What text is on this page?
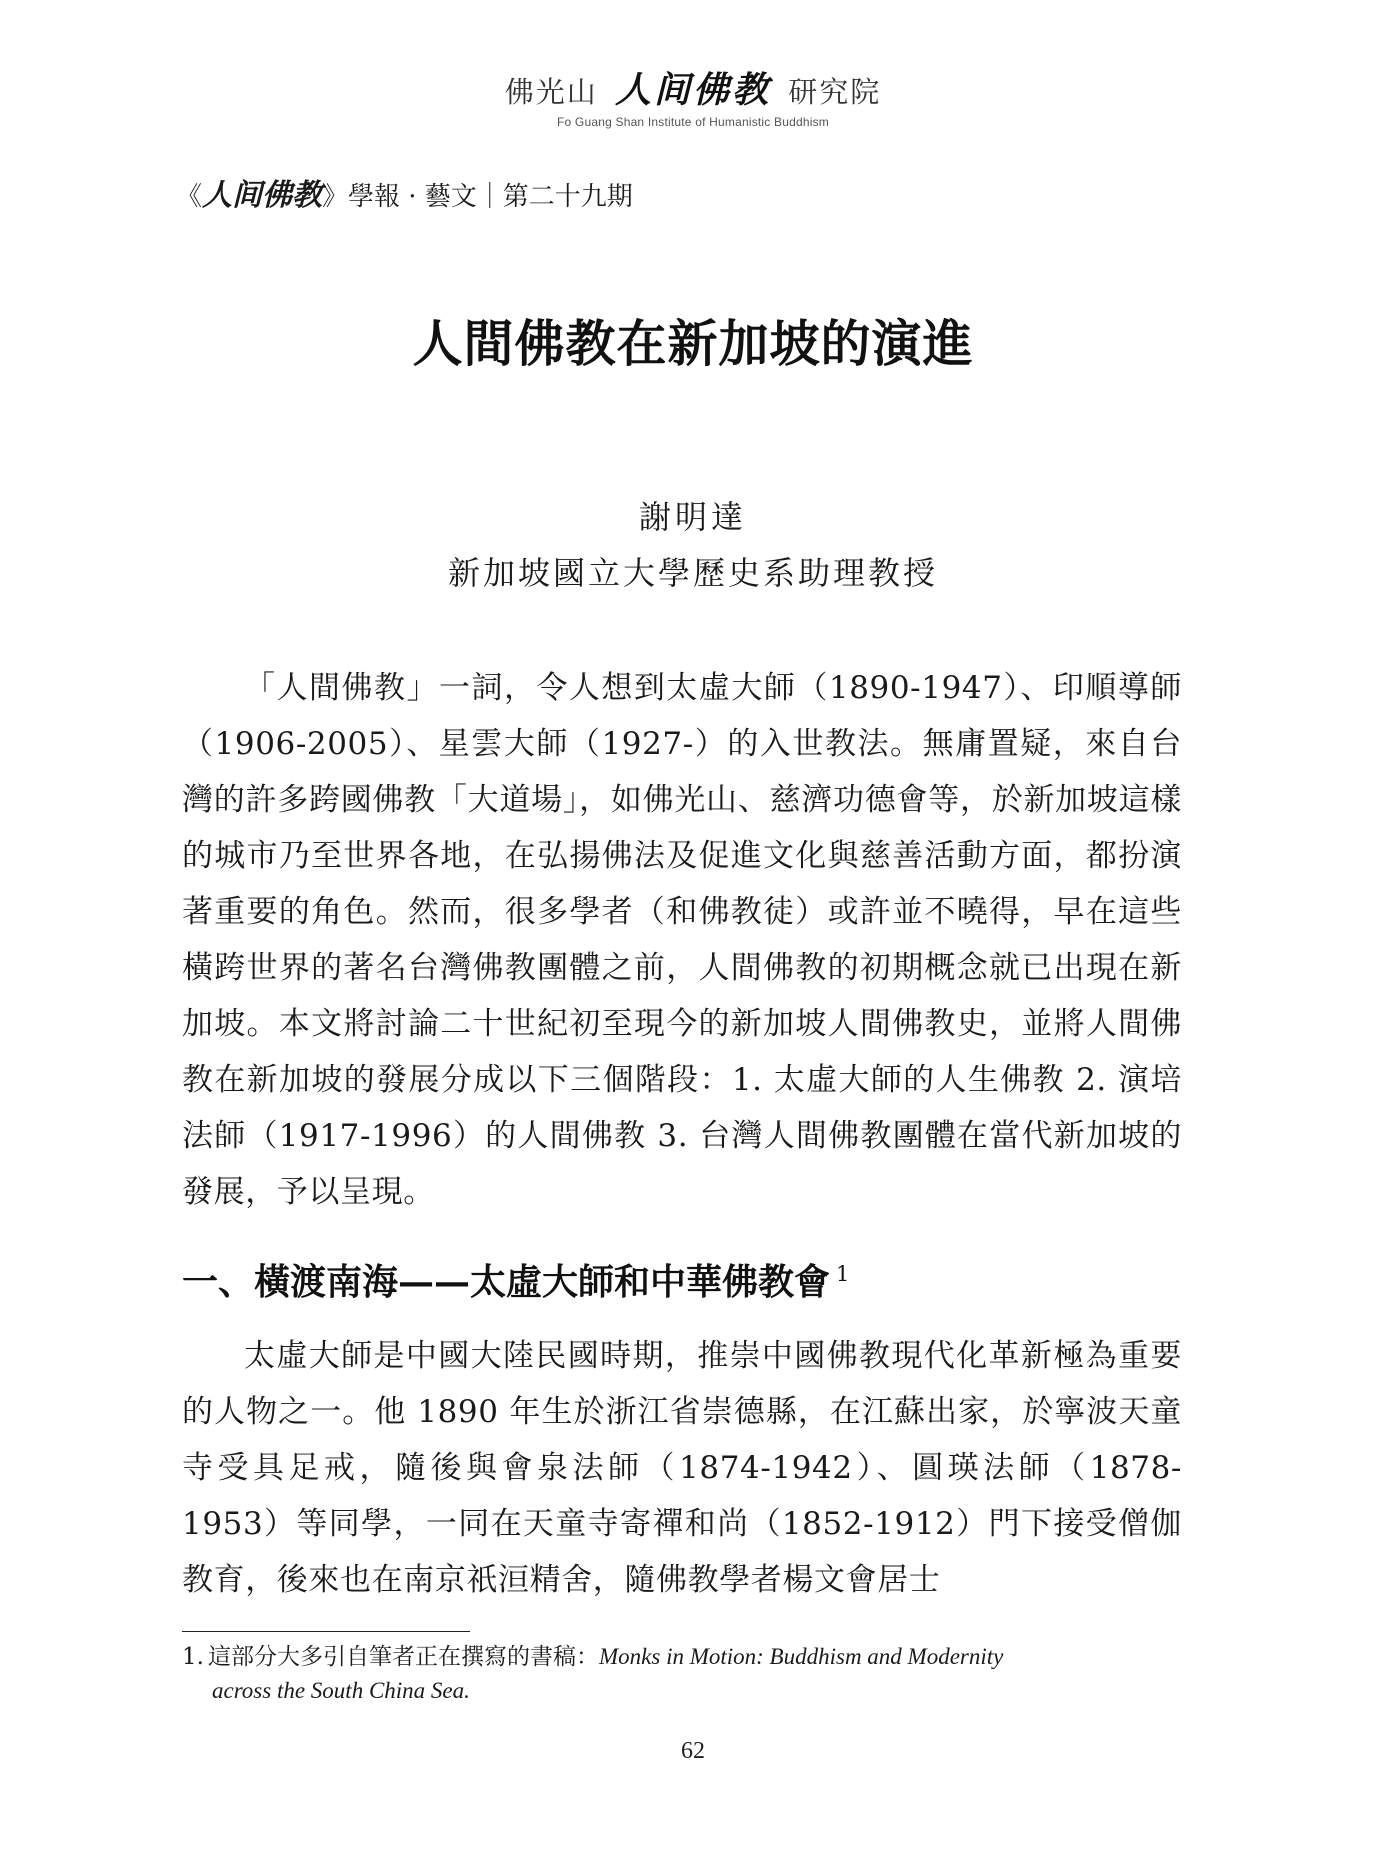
佛光山 人间佛教 研究院
Fo Guang Shan Institute of Humanistic Buddhism
《人间佛教》學報 · 藝文｜第二十九期
人間佛教在新加坡的演進
謝明達
新加坡國立大學歷史系助理教授

「人間佛教」一詞，令人想到太虛大師（1890-1947）、印順導師（1906-2005）、星雲大師（1927-）的入世教法。無庸置疑，來自台灣的許多跨國佛教「大道場」，如佛光山、慈濟功德會等，於新加坡這樣的城市乃至世界各地，在弘揚佛法及促進文化與慈善活動方面，都扮演著重要的角色。然而，很多學者（和佛教徒）或許並不曉得，早在這些橫跨世界的著名台灣佛教團體之前，人間佛教的初期概念就已出現在新加坡。本文將討論二十世紀初至現今的新加坡人間佛教史，並將人間佛教在新加坡的發展分成以下三個階段：1. 太虛大師的人生佛教 2. 演培法師（1917-1996）的人間佛教 3. 台灣人間佛教團體在當代新加坡的發展，予以呈現。

一、橫渡南海——太虛大師和中華佛教會 $^1$

太虛大師是中國大陸民國時期，推崇中國佛教現代化革新極為重要的人物之一。他 1890 年生於浙江省崇德縣，在江蘇出家，於寧波天童寺受具足戒，隨後與會泉法師（1874-1942）、圓瑛法師（1878-1953）等同學，一同在天童寺寄禪和尚（1852-1912）門下接受僧伽教育，後來也在南京祇洹精舍，隨佛教學者楊文會居士

1. 這部分大多引自筆者正在撰寫的書稿：Monks in Motion: Buddhism and Modernity
across the South China Sea.
62
